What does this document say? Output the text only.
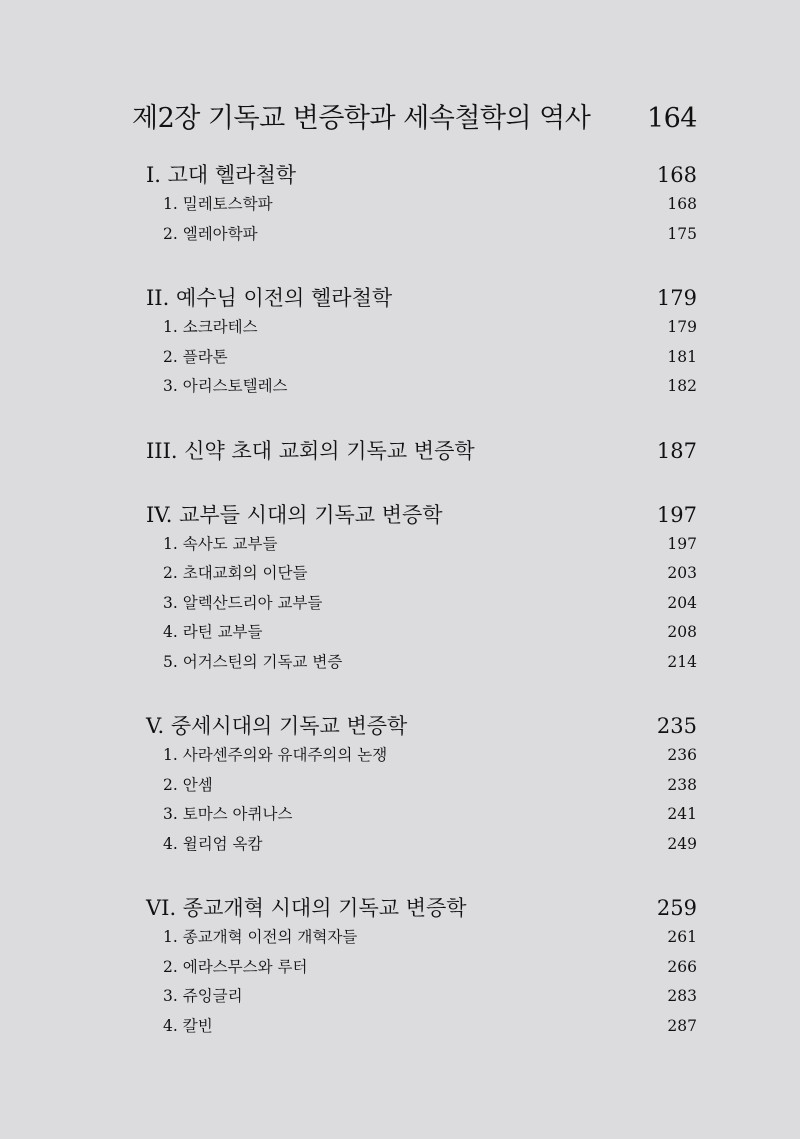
제2장 기독교 변증학과 세속철학의 역사 164
I. 고대 헬라철학	168
1. 밀레토스학파	168
2. 엘레아학파	175
II. 예수님 이전의 헬라철학	179
1. 소크라테스	179
2. 플라톤	181
3. 아리스토텔레스	182
III. 신약 초대 교회의 기독교 변증학	187
IV. 교부들 시대의 기독교 변증학	197
1. 속사도 교부들	197
2. 초대교회의 이단들	203
3. 알렉산드리아 교부들	204
4. 라틴 교부들	208
5. 어거스틴의 기독교 변증	214
V. 중세시대의 기독교 변증학	235
1. 사라센주의와 유대주의의 논쟁	236
2. 안셈	238
3. 토마스 아퀴나스	241
4. 윌리엄 옥캄	249
VI. 종교개혁 시대의 기독교 변증학	259
1. 종교개혁 이전의 개혁자들	261
2. 에라스무스와 루터	266
3. 쥬잉글리	283
4. 칼빈	287
